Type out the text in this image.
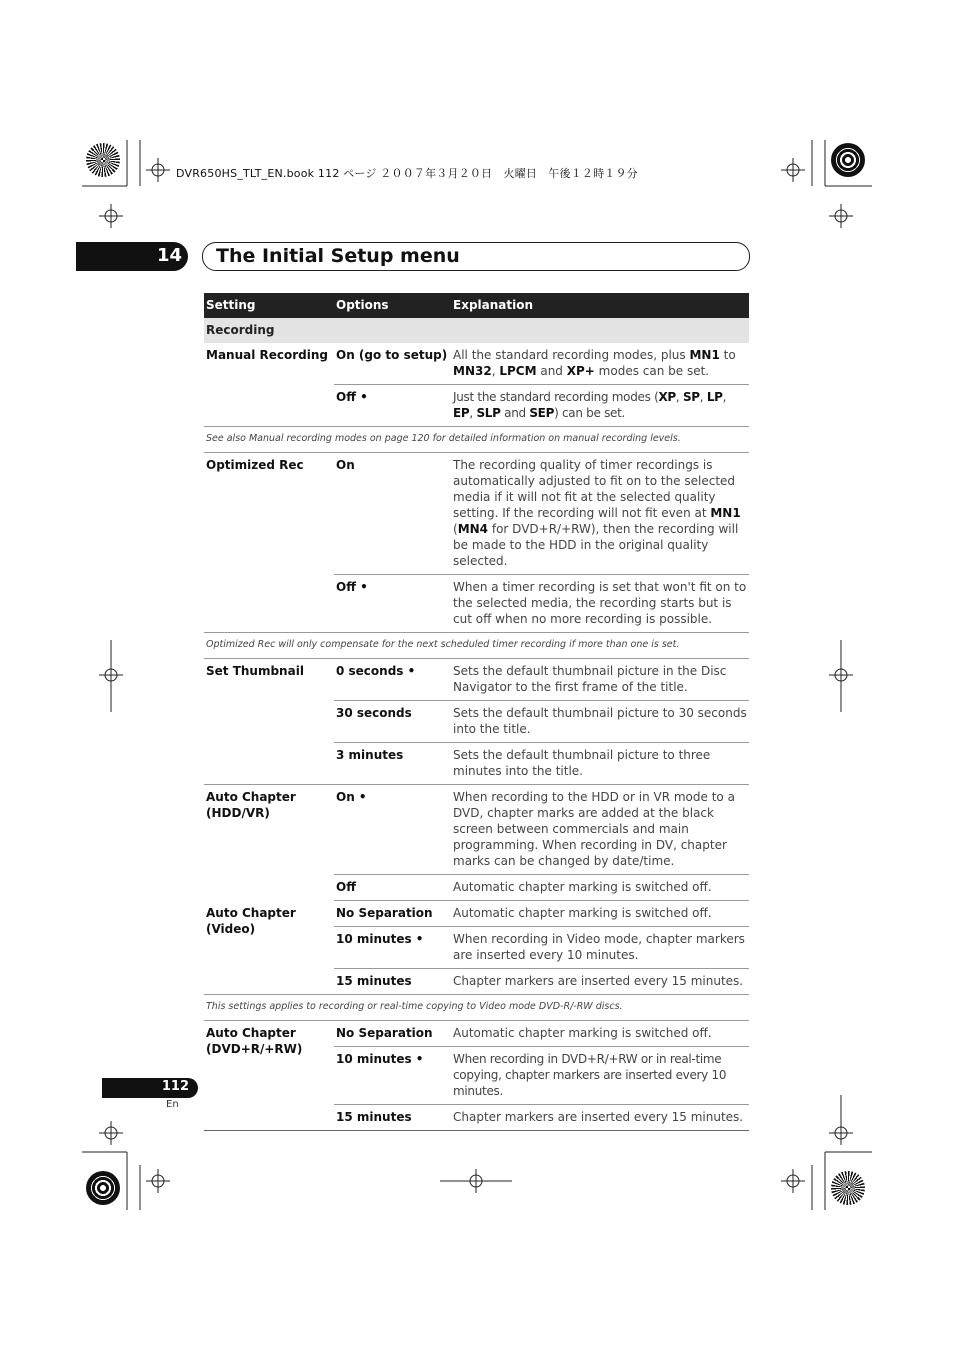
DVR650HS_TLT_EN.book 112 ページ ２００７年３月２０日　火曜日　午後１２時１９分
14 The Initial Setup menu
Setting	Options	Explanation
Recording		
Manual Recording	On (go to setup)	All the standard recording modes, plus MN1 to MN32, LPCM and XP+ modes can be set.
	Off •	Just the standard recording modes (XP, SP, LP, EP, SLP and SEP) can be set.
See also Manual recording modes on page 120 for detailed information on manual recording levels.		
Optimized Rec	On	The recording quality of timer recordings is automatically adjusted to fit on to the selected media if it will not fit at the selected quality setting. If the recording will not fit even at MN1 (MN4 for DVD+R/+RW), then the recording will be made to the HDD in the original quality selected.
	Off •	When a timer recording is set that won't fit on to the selected media, the recording starts but is cut off when no more recording is possible.
Optimized Rec will only compensate for the next scheduled timer recording if more than one is set.		
Set Thumbnail	0 seconds •	Sets the default thumbnail picture in the Disc Navigator to the first frame of the title.
	30 seconds	Sets the default thumbnail picture to 30 seconds into the title.
	3 minutes	Sets the default thumbnail picture to three minutes into the title.
Auto Chapter
(HDD/VR)	On •	When recording to the HDD or in VR mode to a DVD, chapter marks are added at the black screen between commercials and main programming. When recording in DV, chapter marks can be changed by date/time.
	Off	Automatic chapter marking is switched off.
Auto Chapter
(Video)	No Separation	Automatic chapter marking is switched off.
	10 minutes •	When recording in Video mode, chapter markers are inserted every 10 minutes.
	15 minutes	Chapter markers are inserted every 15 minutes.
This settings applies to recording or real-time copying to Video mode DVD-R/-RW discs.		
Auto Chapter
(DVD+R/+RW)	No Separation	Automatic chapter marking is switched off.
	10 minutes •	When recording in DVD+R/+RW or in real-time copying, chapter markers are inserted every 10 minutes.
	15 minutes	Chapter markers are inserted every 15 minutes.
112
En
